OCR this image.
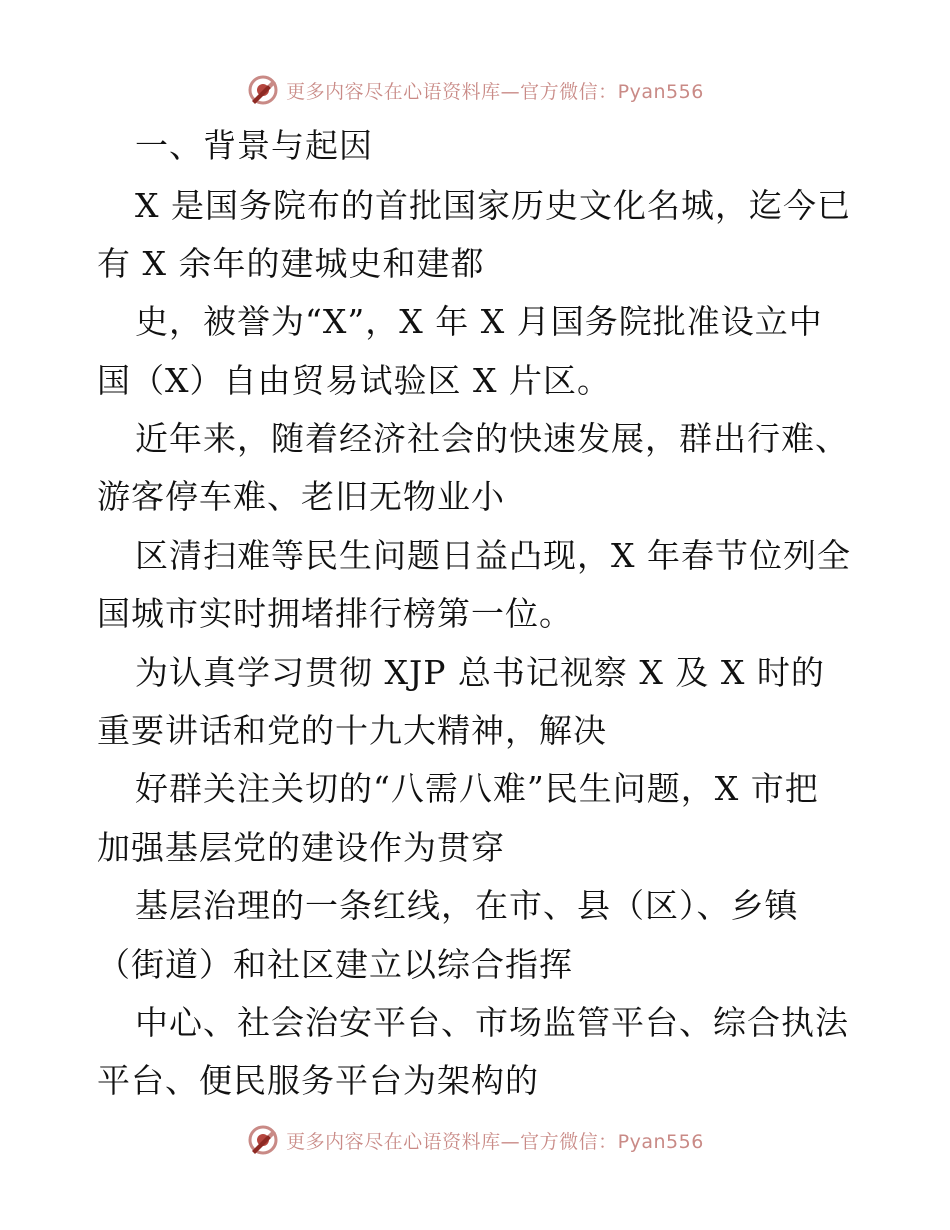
更多内容尽在心语资料库—官方微信：Pyan556
一、背景与起因
X 是国务院布的首批国家历史文化名城，迄今已
有 X 余年的建城史和建都
史，被誉为“X”，X 年 X 月国务院批准设立中
国（X）自由贸易试验区 X 片区。
近年来，随着经济社会的快速发展，群出行难、
游客停车难、老旧无物业小
区清扫难等民生问题日益凸现，X 年春节位列全
国城市实时拥堵排行榜第一位。
为认真学习贯彻 XJP 总书记视察 X 及 X 时的
重要讲话和党的十九大精神，解决
好群关注关切的“八需八难”民生问题，X 市把
加强基层党的建设作为贯穿
基层治理的一条红线，在市、县（区）、乡镇
（街道）和社区建立以综合指挥
中心、社会治安平台、市场监管平台、综合执法
平台、便民服务平台为架构的
更多内容尽在心语资料库—官方微信：Pyan556
